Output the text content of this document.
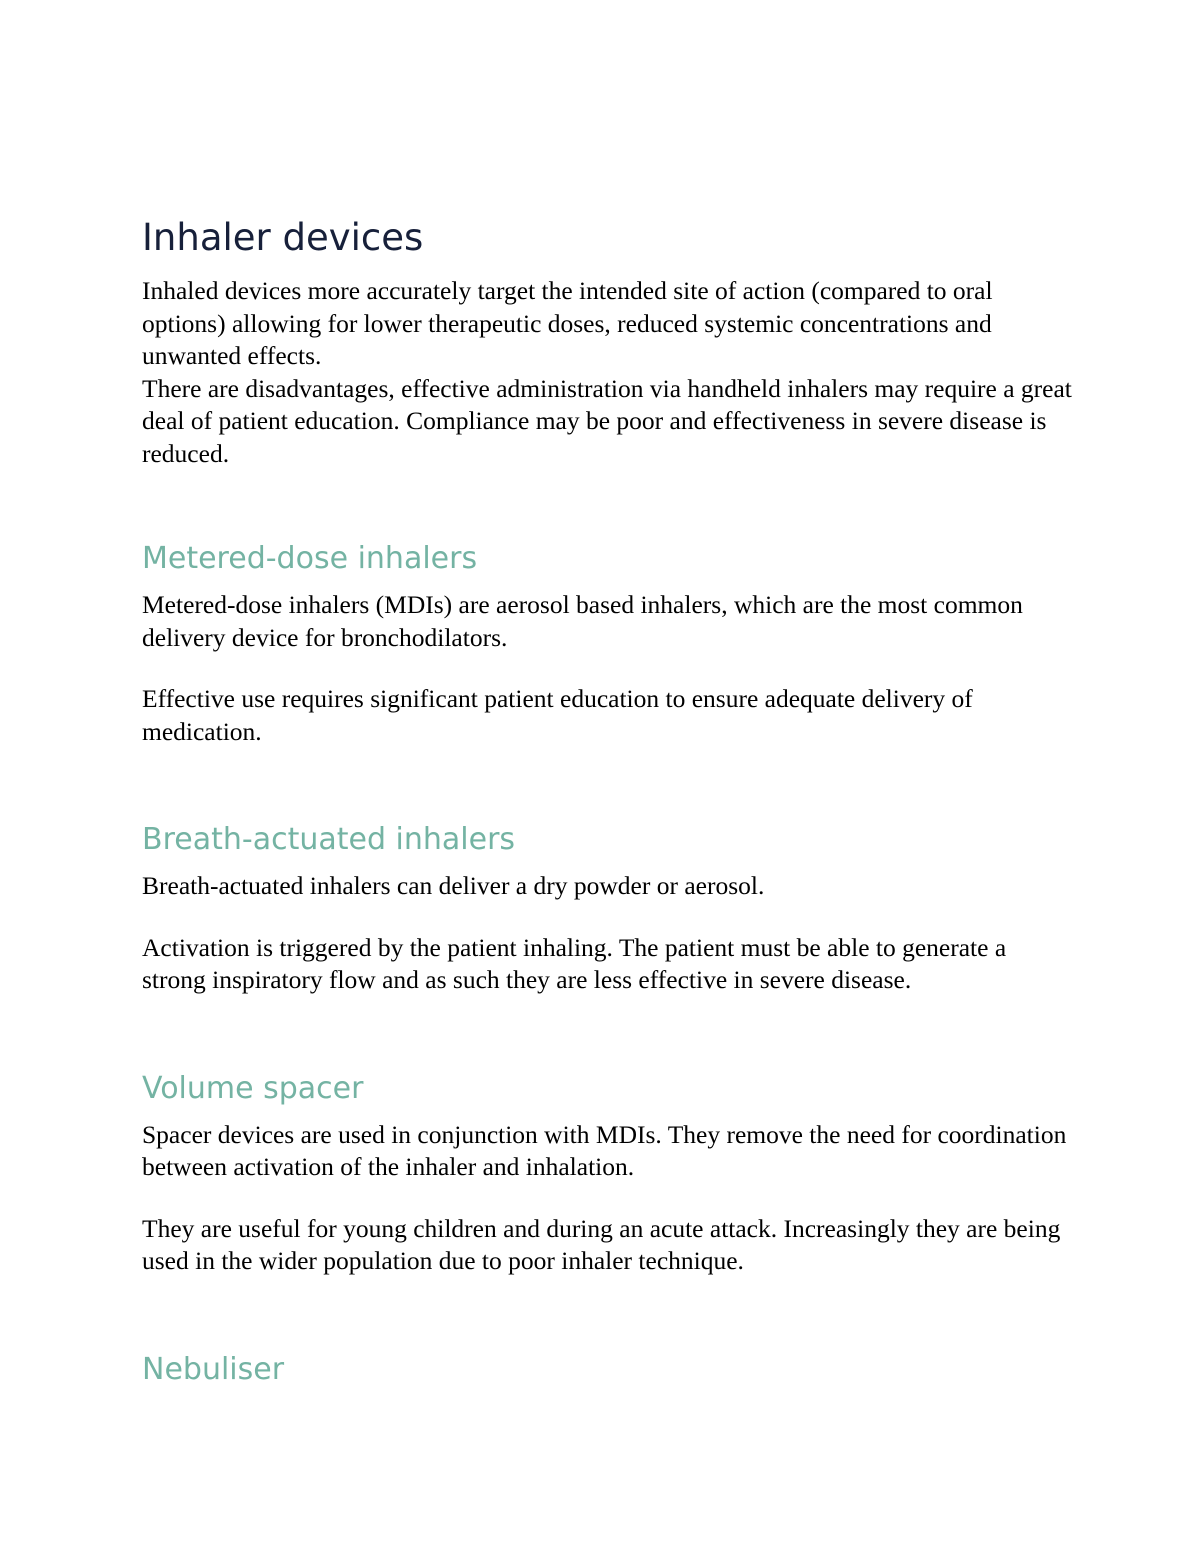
Inhaler devices

Inhaled devices more accurately target the intended site of action (compared to oral options) allowing for lower therapeutic doses, reduced systemic concentrations and unwanted effects.

There are disadvantages, effective administration via handheld inhalers may require a great deal of patient education. Compliance may be poor and effectiveness in severe disease is reduced.

Metered-dose inhalers

Metered-dose inhalers (MDIs) are aerosol based inhalers, which are the most common delivery device for bronchodilators.

Effective use requires significant patient education to ensure adequate delivery of medication.

Breath-actuated inhalers

Breath-actuated inhalers can deliver a dry powder or aerosol.

Activation is triggered by the patient inhaling. The patient must be able to generate a strong inspiratory flow and as such they are less effective in severe disease.

Volume spacer

Spacer devices are used in conjunction with MDIs. They remove the need for coordination between activation of the inhaler and inhalation.

They are useful for young children and during an acute attack. Increasingly they are being used in the wider population due to poor inhaler technique.

Nebuliser
